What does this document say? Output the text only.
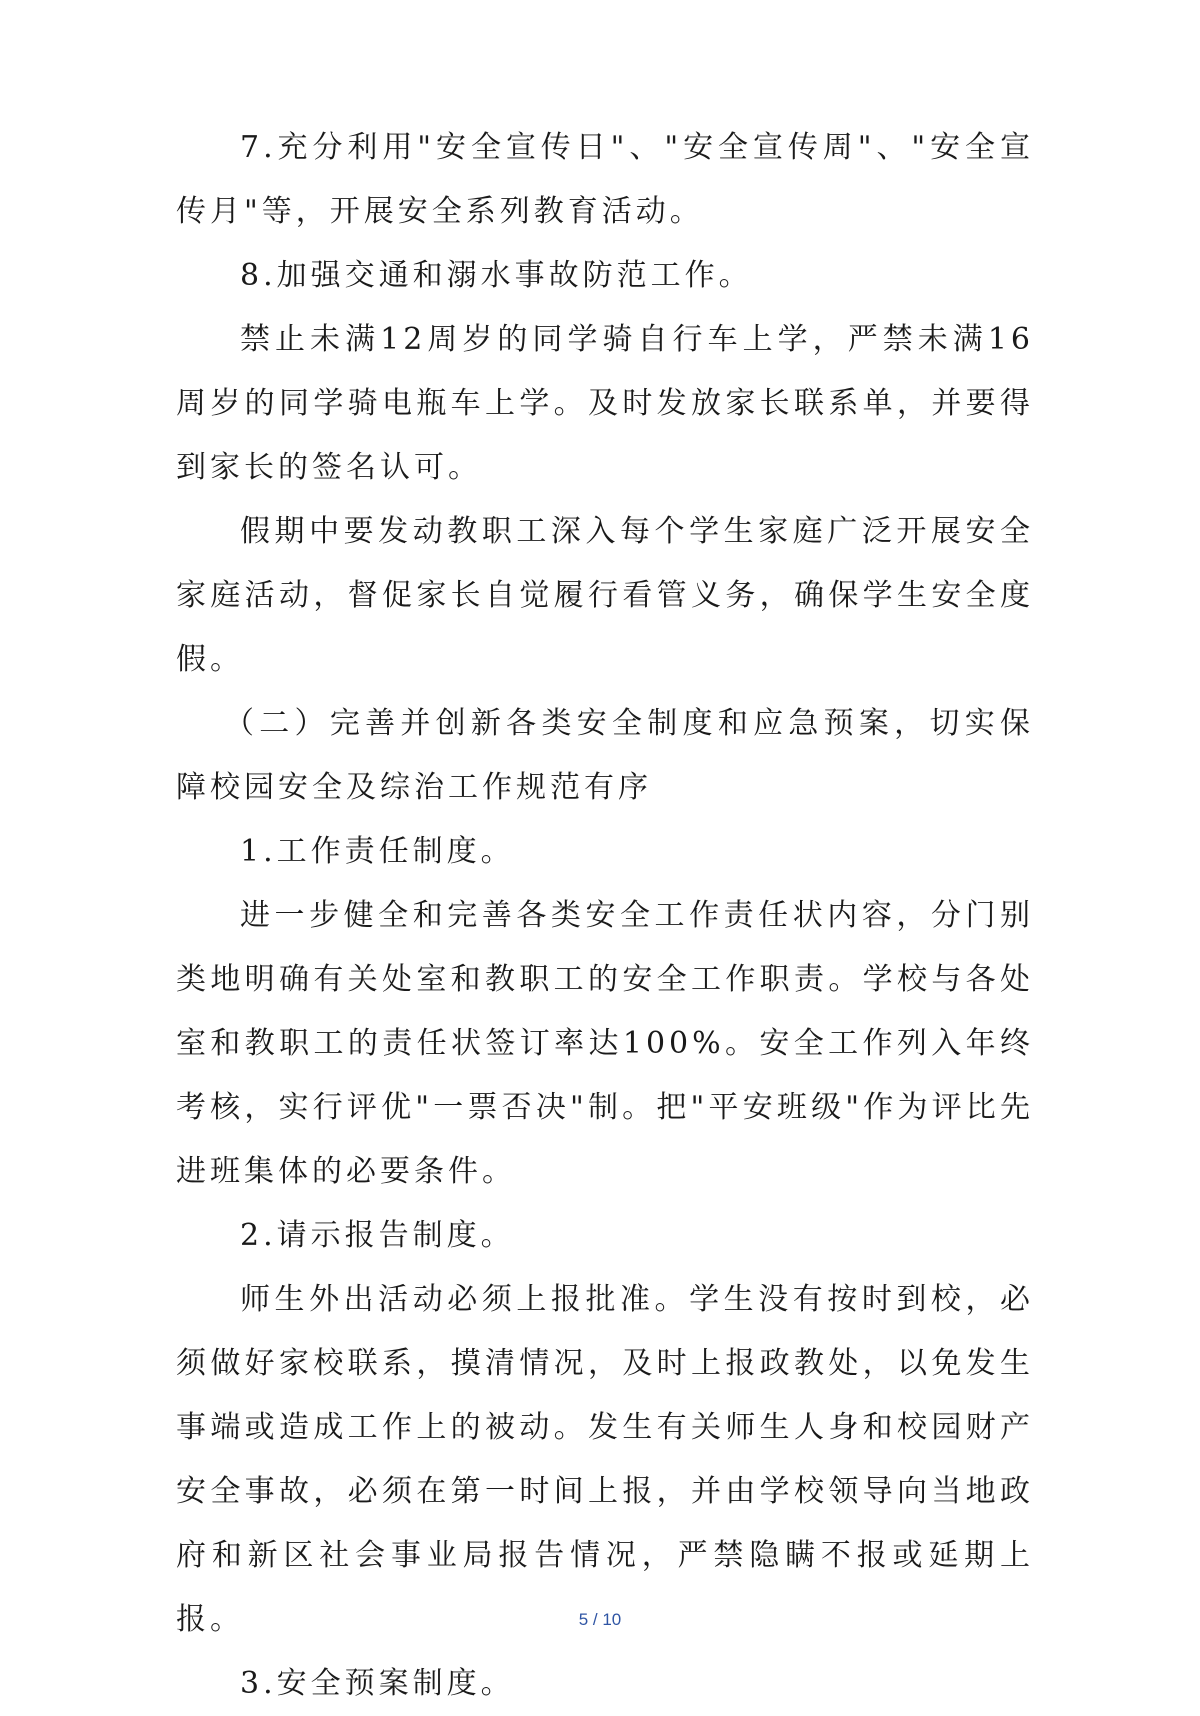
7.充分利用"安全宣传日"、"安全宣传周"、"安全宣传月"等，开展安全系列教育活动。

8.加强交通和溺水事故防范工作。

禁止未满12周岁的同学骑自行车上学，严禁未满16周岁的同学骑电瓶车上学。及时发放家长联系单，并要得到家长的签名认可。

假期中要发动教职工深入每个学生家庭广泛开展安全家庭活动，督促家长自觉履行看管义务，确保学生安全度假。

（二）完善并创新各类安全制度和应急预案，切实保障校园安全及综治工作规范有序

1.工作责任制度。

进一步健全和完善各类安全工作责任状内容，分门别类地明确有关处室和教职工的安全工作职责。学校与各处室和教职工的责任状签订率达100%。安全工作列入年终考核，实行评优"一票否决"制。把"平安班级"作为评比先进班集体的必要条件。

2.请示报告制度。

师生外出活动必须上报批准。学生没有按时到校，必须做好家校联系，摸清情况，及时上报政教处，以免发生事端或造成工作上的被动。发生有关师生人身和校园财产安全事故，必须在第一时间上报，并由学校领导向当地政府和新区社会事业局报告情况，严禁隐瞒不报或延期上报。

3.安全预案制度。

5 / 10
